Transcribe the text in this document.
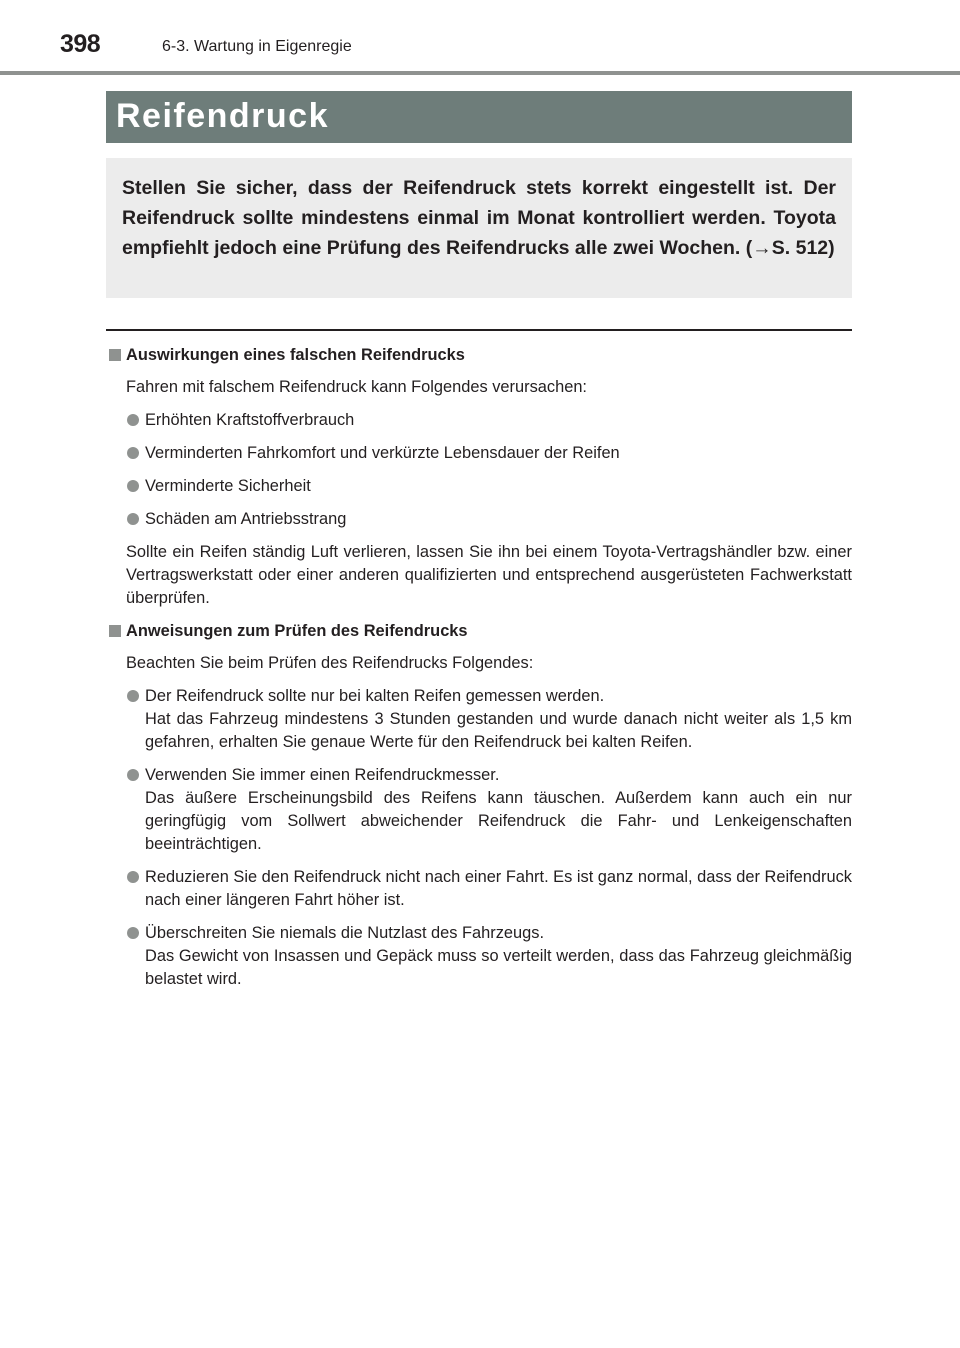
398	6-3. Wartung in Eigenregie
Reifendruck

Stellen Sie sicher, dass der Reifendruck stets korrekt eingestellt ist. Der Reifendruck sollte mindestens einmal im Monat kontrolliert werden. Toyota empfiehlt jedoch eine Prüfung des Reifendrucks alle zwei Wochen. (→S. 512)

Auswirkungen eines falschen Reifendrucks

Fahren mit falschem Reifendruck kann Folgendes verursachen:

Erhöhten Kraftstoffverbrauch

Verminderten Fahrkomfort und verkürzte Lebensdauer der Reifen

Verminderte Sicherheit

Schäden am Antriebsstrang

Sollte ein Reifen ständig Luft verlieren, lassen Sie ihn bei einem Toyota-Vertragshändler bzw. einer Vertragswerkstatt oder einer anderen qualifizierten und entsprechend ausgerüsteten Fachwerkstatt überprüfen.

Anweisungen zum Prüfen des Reifendrucks

Beachten Sie beim Prüfen des Reifendrucks Folgendes:

Der Reifendruck sollte nur bei kalten Reifen gemessen werden.
Hat das Fahrzeug mindestens 3 Stunden gestanden und wurde danach nicht weiter als 1,5 km gefahren, erhalten Sie genaue Werte für den Reifendruck bei kalten Reifen.

Verwenden Sie immer einen Reifendruckmesser.
Das äußere Erscheinungsbild des Reifens kann täuschen. Außerdem kann auch ein nur geringfügig vom Sollwert abweichender Reifendruck die Fahr- und Lenkeigenschaften beeinträchtigen.

Reduzieren Sie den Reifendruck nicht nach einer Fahrt. Es ist ganz normal, dass der Reifendruck nach einer längeren Fahrt höher ist.

Überschreiten Sie niemals die Nutzlast des Fahrzeugs.
Das Gewicht von Insassen und Gepäck muss so verteilt werden, dass das Fahrzeug gleichmäßig belastet wird.
